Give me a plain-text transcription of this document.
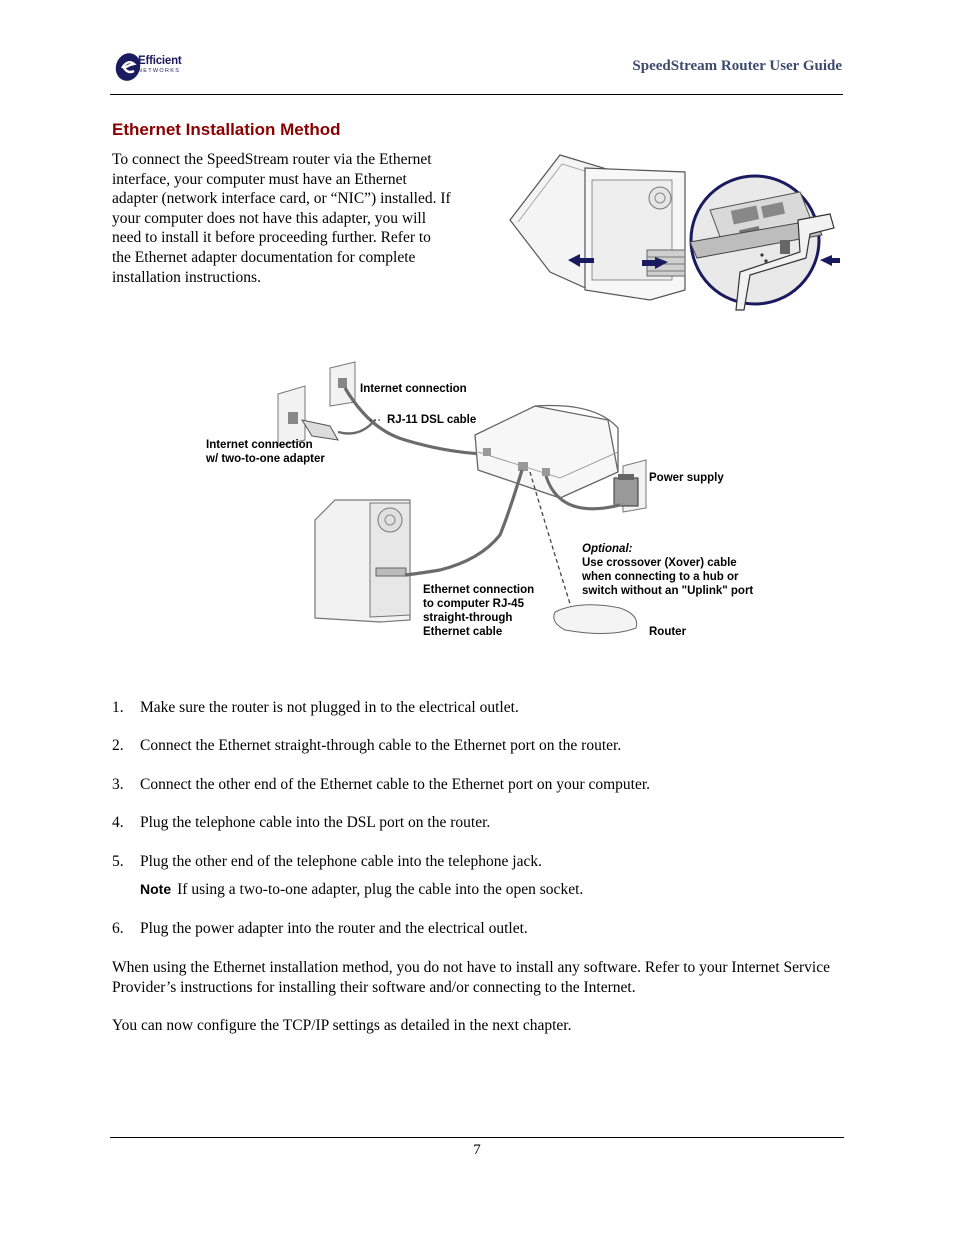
Efficient
NETWORKS	SpeedStream Router User Guide
Ethernet Installation Method
To connect the SpeedStream router via the Ethernet
interface, your computer must have an Ethernet
adapter (network interface card, or “NIC”) installed. If
your computer does not have this adapter, you will
need to install it before proceeding further. Refer to
the Ethernet adapter documentation for complete
installation instructions.
Internet connection
Internet connection
w/ two-to-one adapter
RJ-11 DSL cable
Power supply
Router
Optional:
Use crossover (Xover) cable
when connecting to a hub or
switch without an "Uplink" port
Ethernet connection
to computer RJ-45
straight-through
Ethernet cable
1. Make sure the router is not plugged in to the electrical outlet.
2. Connect the Ethernet straight-through cable to the Ethernet port on the router.
3. Connect the other end of the Ethernet cable to the Ethernet port on your computer.
4. Plug the telephone cable into the DSL port on the router.
5. Plug the other end of the telephone cable into the telephone jack.
Note If using a two-to-one adapter, plug the cable into the open socket.
6. Plug the power adapter into the router and the electrical outlet.
When using the Ethernet installation method, you do not have to install any software. Refer to your Internet Service Provider’s instructions for installing their software and/or connecting to the Internet.
You can now configure the TCP/IP settings as detailed in the next chapter.
7
